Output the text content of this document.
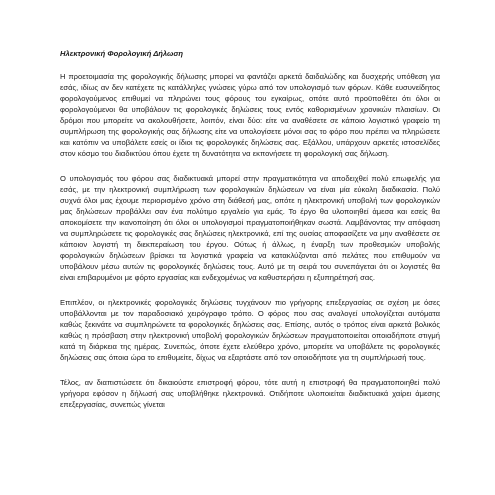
Ηλεκτρονική Φορολογική Δήλωση

Η προετοιμασία της φορολογικής δήλωσης μπορεί να φαντάζει αρκετά δαιδαλώδης και δυσχερής υπόθεση για εσάς, ιδίως αν δεν κατέχετε τις κατάλληλες γνώσεις γύρω από τον υπολογισμό των φόρων. Κάθε ευσυνείδητος φορολογούμενος επιθυμεί να πληρώνει τους φόρους του εγκαίρως, οπότε αυτό προϋποθέτει ότι όλοι οι φορολογούμενοι θα υποβάλουν τις φορολογικές δηλώσεις τους εντός καθορισμένων χρονικών πλαισίων. Οι δρόμοι που μπορείτε να ακολουθήσετε, λοιπόν, είναι δύο: είτε να αναθέσετε σε κάποιο λογιστικό γραφείο τη συμπλήρωση της φορολογικής σας δήλωσης είτε να υπολογίσετε μόνοι σας το φόρο που πρέπει να πληρώσετε και κατόπιν να υποβάλετε εσείς οι ίδιοι τις φορολογικές δηλώσεις σας. Εξάλλου, υπάρχουν αρκετές ιστοσελίδες στον κόσμο του διαδικτύου όπου έχετε τη δυνατότητα να εκπονήσετε τη φορολογική σας δήλωση.

Ο υπολογισμός του φόρου σας διαδικτυακά μπορεί στην πραγματικότητα να αποδειχθεί πολύ επωφελής για εσάς, με την ηλεκτρονική συμπλήρωση των φορολογικών δηλώσεων να είναι μία εύκολη διαδικασία. Πολύ συχνά όλοι μας έχουμε περιορισμένο χρόνο στη διάθεσή μας, οπότε η ηλεκτρονική υποβολή των φορολογικών μας δηλώσεων προβάλλει σαν ένα πολύτιμο εργαλείο για εμάς. Το έργο θα υλοποιηθεί άμεσα και εσείς θα αποκομίσετε την ικανοποίηση ότι όλοι οι υπολογισμοί πραγματοποιήθηκαν σωστά. Λαμβάνοντας την απόφαση να συμπληρώσετε τις φορολογικές σας δηλώσεις ηλεκτρονικά, επί της ουσίας αποφασίζετε να μην αναθέσετε σε κάποιον λογιστή τη διεκπεραίωση του έργου. Ούτως ή άλλως, η έναρξη των προθεσμιών υποβολής φορολογικών δηλώσεων βρίσκει τα λογιστικά γραφεία να κατακλύζονται από πελάτες που επιθυμούν να υποβάλουν μέσω αυτών τις φορολογικές δηλώσεις τους. Αυτό με τη σειρά του συνεπάγεται ότι οι λογιστές θα είναι επιβαρυμένοι με φόρτο εργασίας και ενδεχομένως να καθυστερήσει η εξυπηρέτησή σας.

Επιπλέον, οι ηλεκτρονικές φορολογικές δηλώσεις τυγχάνουν πιο γρήγορης επεξεργασίας σε σχέση με όσες υποβάλλονται με τον παραδοσιακό χειρόγραφο τρόπο. Ο φόρος που σας αναλογεί υπολογίζεται αυτόματα καθώς ξεκινάτε να συμπληρώνετε τα φορολογικές δηλώσεις σας. Επίσης, αυτός ο τρόπος είναι αρκετά βολικός καθώς η πρόσβαση στην ηλεκτρονική υποβολή φορολογικών δηλώσεων πραγματοποιείται οποιαδήποτε στιγμή κατά τη διάρκεια της ημέρας. Συνεπώς, όποτε έχετε ελεύθερο χρόνο, μπορείτε να υποβάλετε τις φορολογικές δηλώσεις σας όποια ώρα το επιθυμείτε, δίχως να εξαρτάστε από τον οποιοδήποτε για τη συμπλήρωσή τους.

Τέλος, αν διαπιστώσετε ότι δικαιούστε επιστροφή φόρου, τότε αυτή η επιστροφή θα πραγματοποιηθεί πολύ γρήγορα εφόσον η δήλωσή σας υποβλήθηκε ηλεκτρονικά. Οτιδήποτε υλοποιείται διαδικτυακά χαίρει άμεσης επεξεργασίας, συνεπώς γίνεται
